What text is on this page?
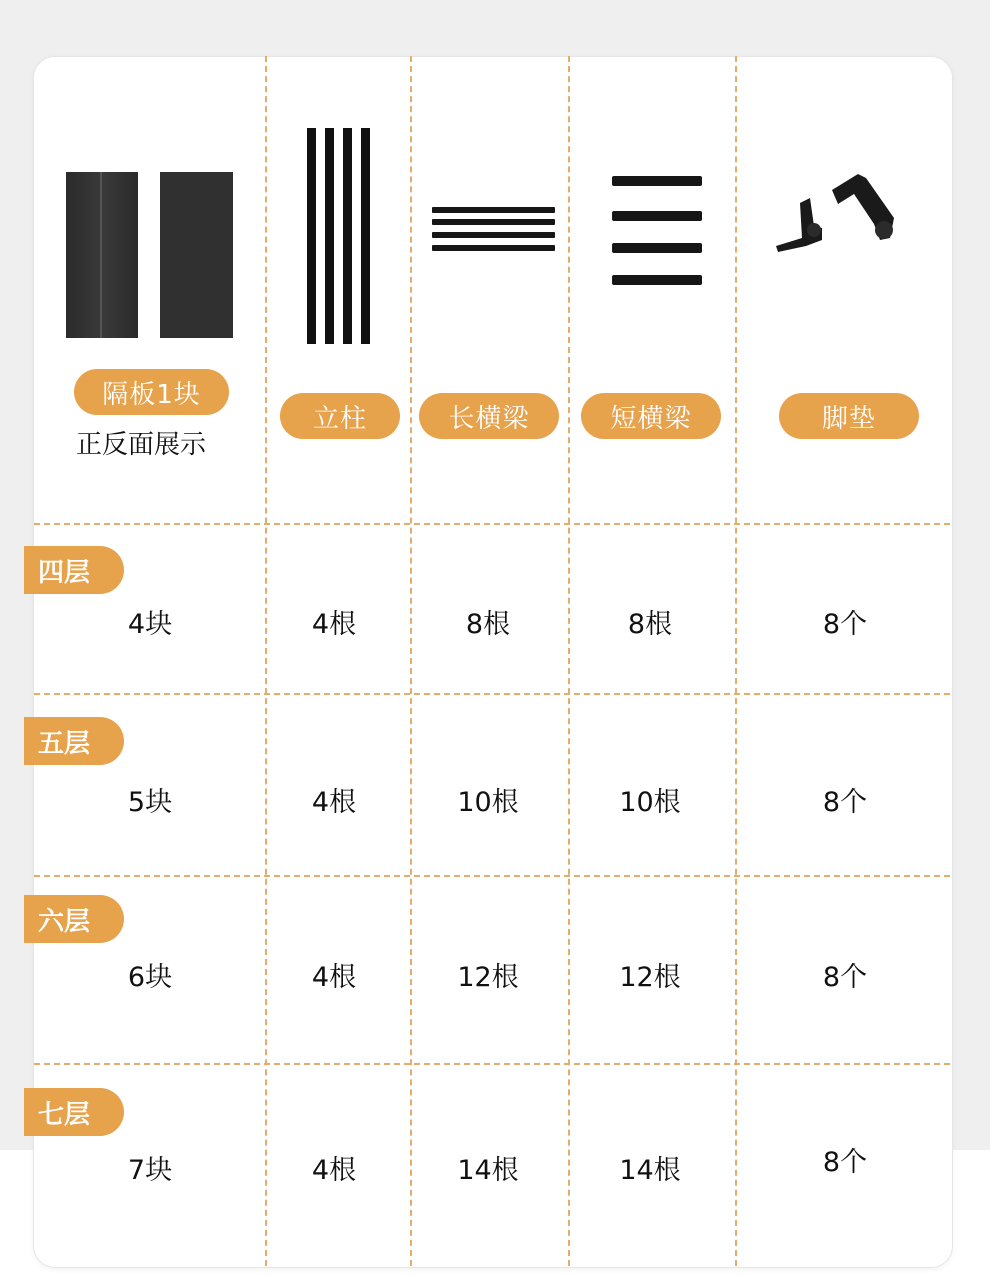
隔板1块
正反面展示
立柱	长横梁	短横梁	脚垫
四层
4块	4根	8根	8根	8个
五层
5块	4根	10根	10根	8个
六层
6块	4根	12根	12根	8个
七层
7块	4根	14根	14根	8个
